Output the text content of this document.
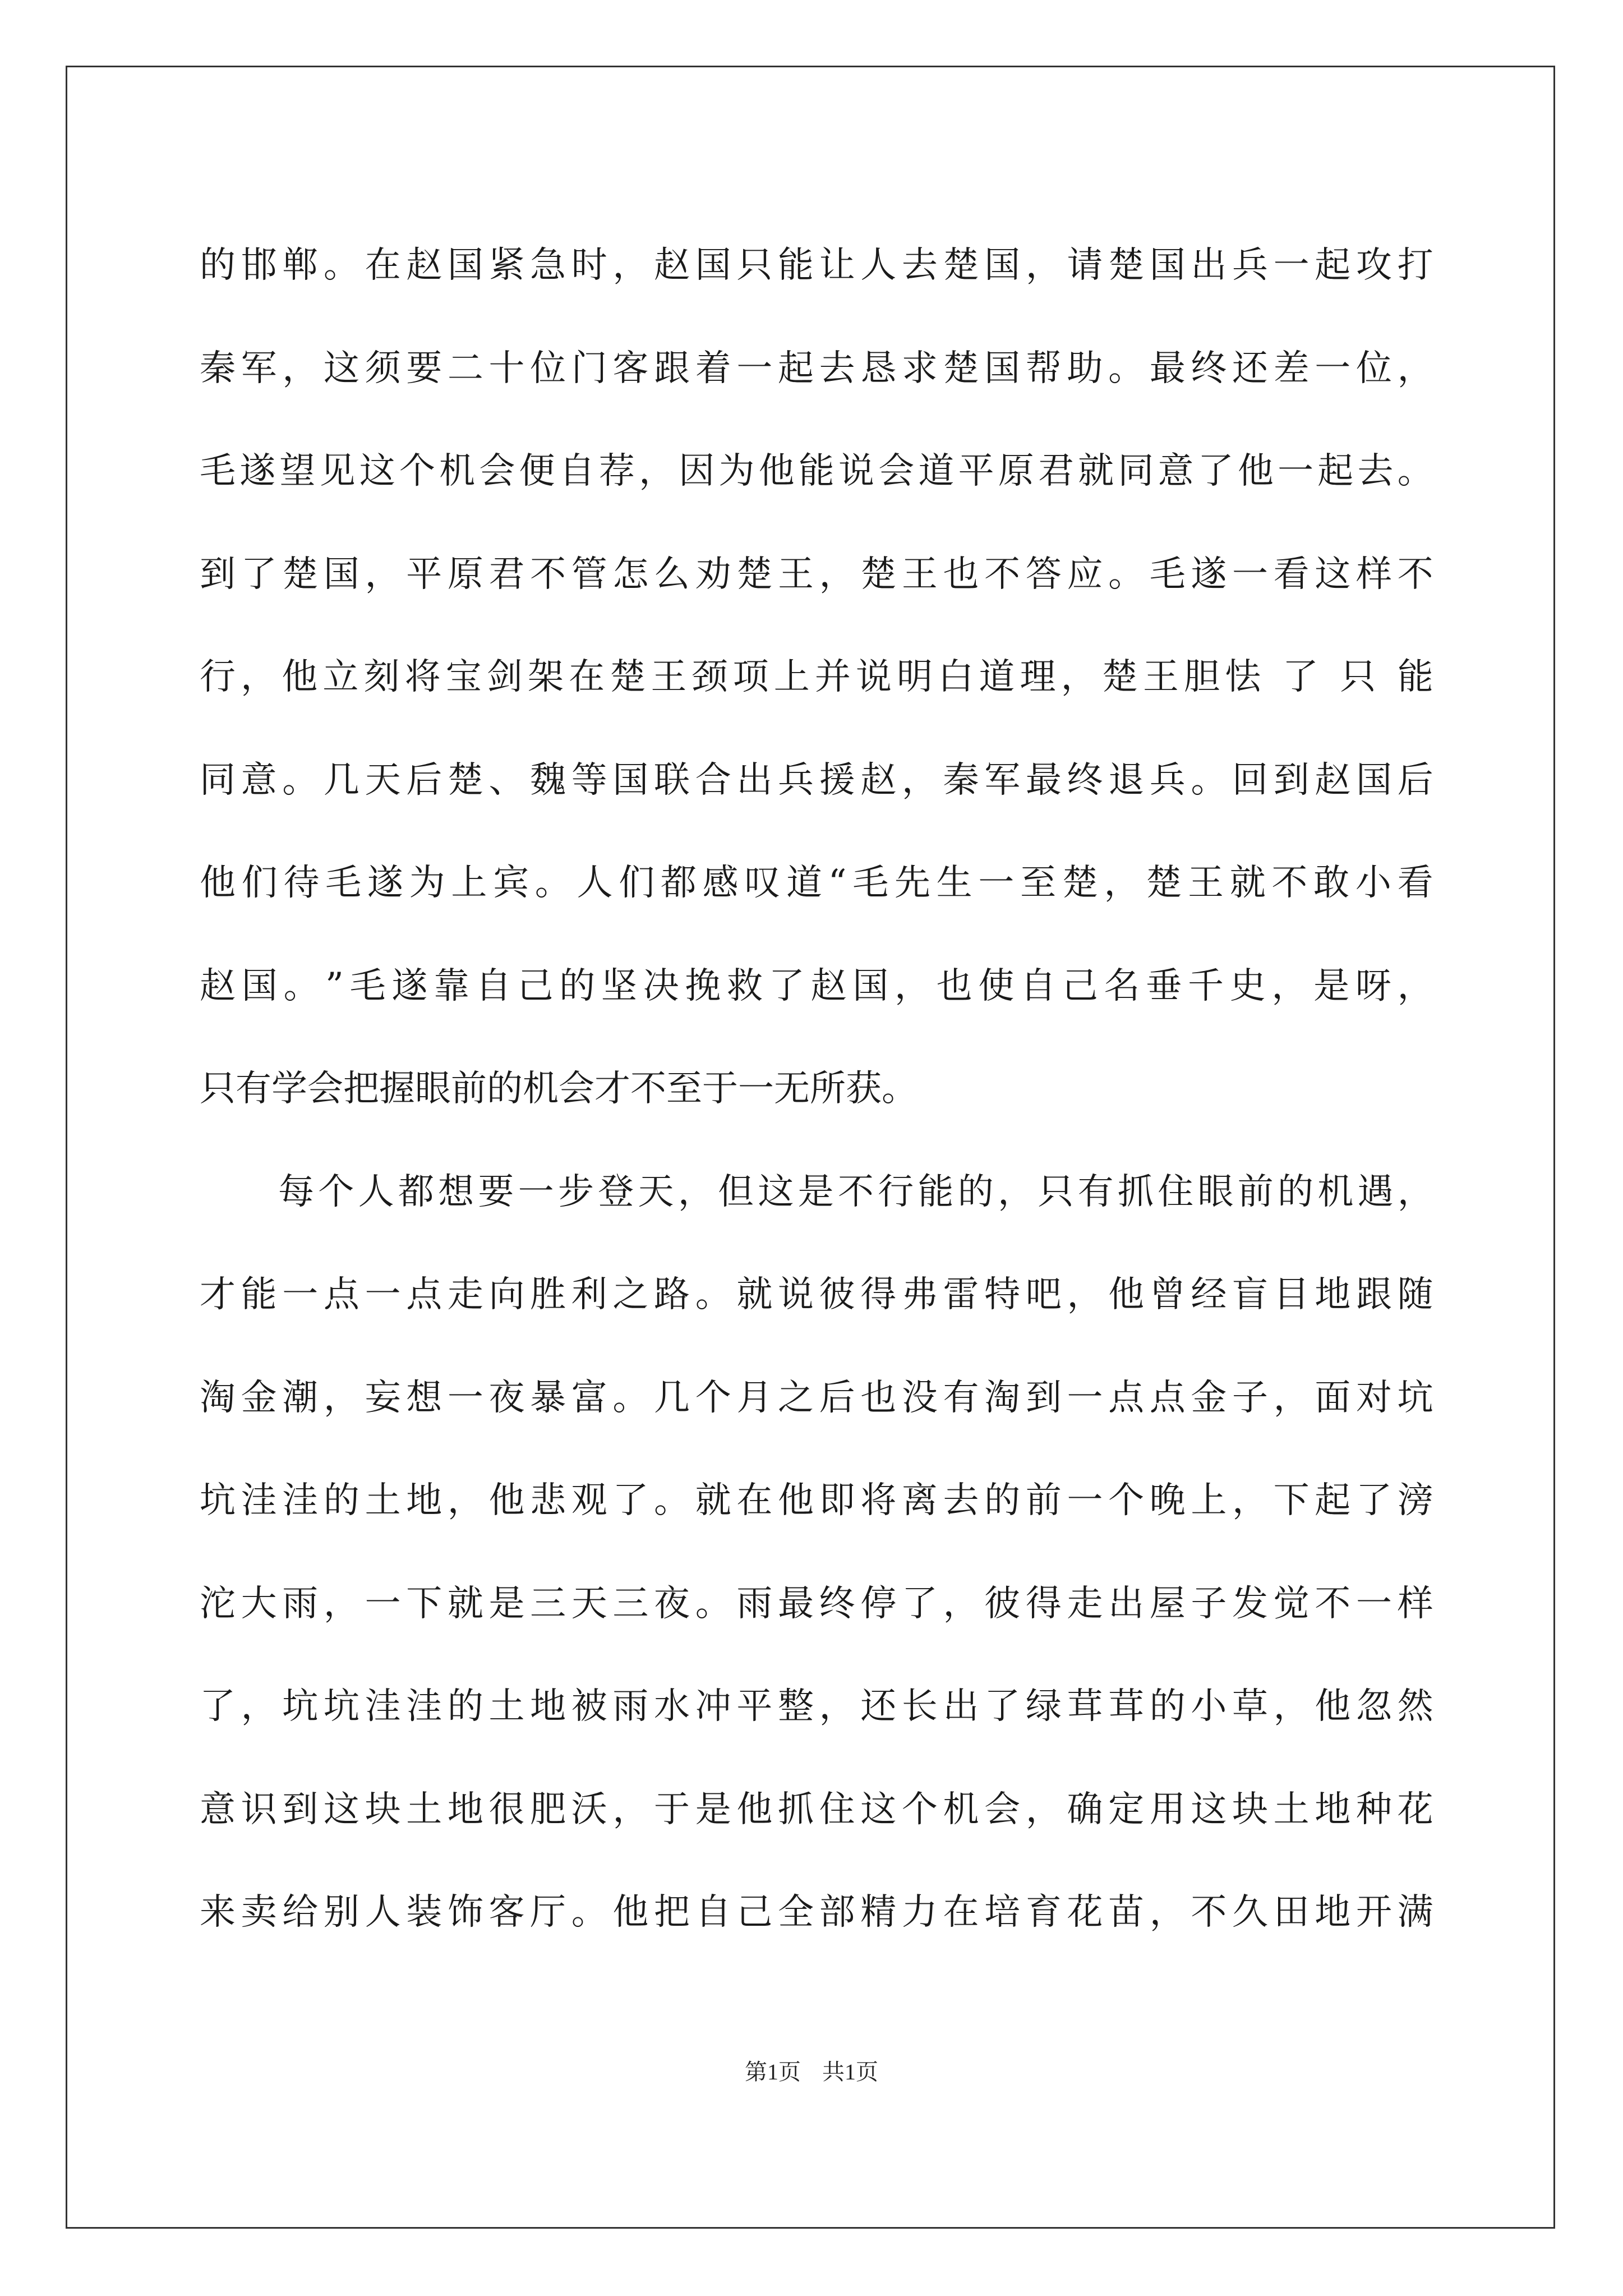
的 邯 郸 。 在 赵 国 紧 急 时 ， 赵 国 只 能 让 人 去 楚 国 ， 请 楚 国 出 兵 一 起 攻 打
秦 军 ， 这 须 要 二 十 位 门 客 跟 着 一 起 去 恳 求 楚 国 帮 助 。 最 终 还 差 一 位 ，
毛 遂 望 见 这 个 机 会 便 自 荐 ， 因 为 他 能 说 会 道 平 原 君 就 同 意 了 他 一 起 去 。
到 了 楚 国 ， 平 原 君 不 管 怎 么 劝 楚 王 ， 楚 王 也 不 答 应 。 毛 遂 一 看 这 样 不
行 ， 他 立 刻 将 宝 剑 架 在 楚 王 颈 项 上 并 说 明 白 道 理 ， 楚 王 胆 怯
了
只
能
同 意 。 几 天 后 楚 、 魏 等 国 联 合 出 兵 援 赵 ， 秦 军 最 终 退 兵 。 回 到 赵 国 后
他 们 待 毛 遂 为 上 宾 。 人 们 都 感 叹 道 “ 毛 先 生 一 至 楚 ， 楚 王 就 不 敢 小 看
赵 国 。 ” 毛 遂 靠 自 己 的 坚 决 挽 救 了 赵 国 ， 也 使 自 己 名 垂 千 史 ， 是 呀 ，
只有学会把握眼前的机会才不至于一无所获。
每 个 人 都 想 要 一 步 登 天 ， 但 这 是 不 行 能 的 ， 只 有 抓 住 眼 前 的 机 遇 ，
才 能 一 点 一 点 走 向 胜 利 之 路 。 就 说 彼 得 弗 雷 特 吧 ， 他 曾 经 盲 目 地 跟 随
淘 金 潮 ， 妄 想 一 夜 暴 富 。 几 个 月 之 后 也 没 有 淘 到 一 点 点 金 子 ， 面 对 坑
坑 洼 洼 的 土 地 ， 他 悲 观 了 。 就 在 他 即 将 离 去 的 前 一 个 晚 上 ， 下 起 了 滂
沱 大 雨 ， 一 下 就 是 三 天 三 夜 。 雨 最 终 停 了 ， 彼 得 走 出 屋 子 发 觉 不 一 样
了 ， 坑 坑 洼 洼 的 土 地 被 雨 水 冲 平 整 ， 还 长 出 了 绿 茸 茸 的 小 草 ， 他 忽 然
意 识 到 这 块 土 地 很 肥 沃 ， 于 是 他 抓 住 这 个 机 会 ， 确 定 用 这 块 土 地 种 花
来 卖 给 别 人 装 饰 客 厅 。 他 把 自 己 全 部 精 力 在 培 育 花 苗 ， 不 久 田 地 开 满
第1页 共1页
